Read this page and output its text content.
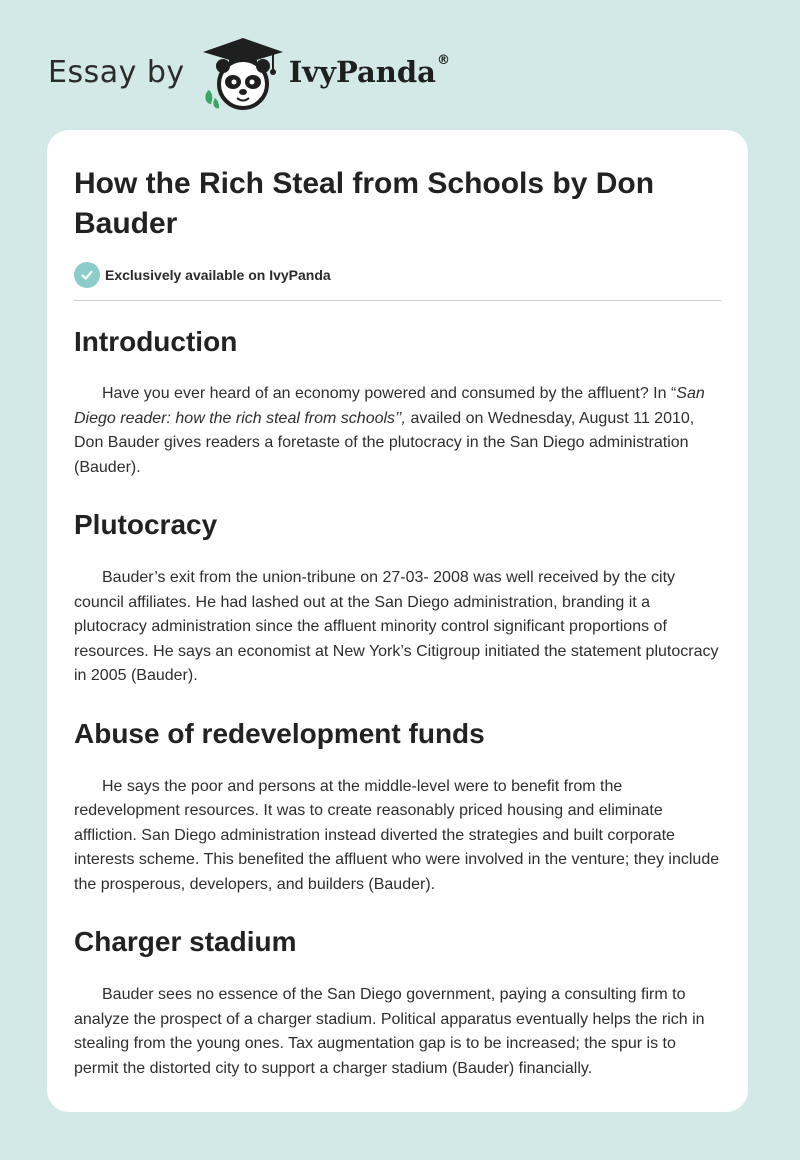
Essay by	IvyPanda ®
How the Rich Steal from Schools by Don Bauder
Exclusively available on IvyPanda
Introduction

Have you ever heard of an economy powered and consumed by the affluent? In “San Diego reader: how the rich steal from schools’’, availed on Wednesday, August 11 2010, Don Bauder gives readers a foretaste of the plutocracy in the San Diego administration (Bauder).

Plutocracy

Bauder’s exit from the union-tribune on 27-03- 2008 was well received by the city council affiliates. He had lashed out at the San Diego administration, branding it a plutocracy administration since the affluent minority control significant proportions of resources. He says an economist at New York’s Citigroup initiated the statement plutocracy in 2005 (Bauder).

Abuse of redevelopment funds

He says the poor and persons at the middle-level were to benefit from the redevelopment resources. It was to create reasonably priced housing and eliminate affliction. San Diego administration instead diverted the strategies and built corporate interests scheme. This benefited the affluent who were involved in the venture; they include the prosperous, developers, and builders (Bauder).

Charger stadium

Bauder sees no essence of the San Diego government, paying a consulting firm to analyze the prospect of a charger stadium. Political apparatus eventually helps the rich in stealing from the young ones. Tax augmentation gap is to be increased; the spur is to permit the distorted city to support a charger stadium (Bauder) financially.
